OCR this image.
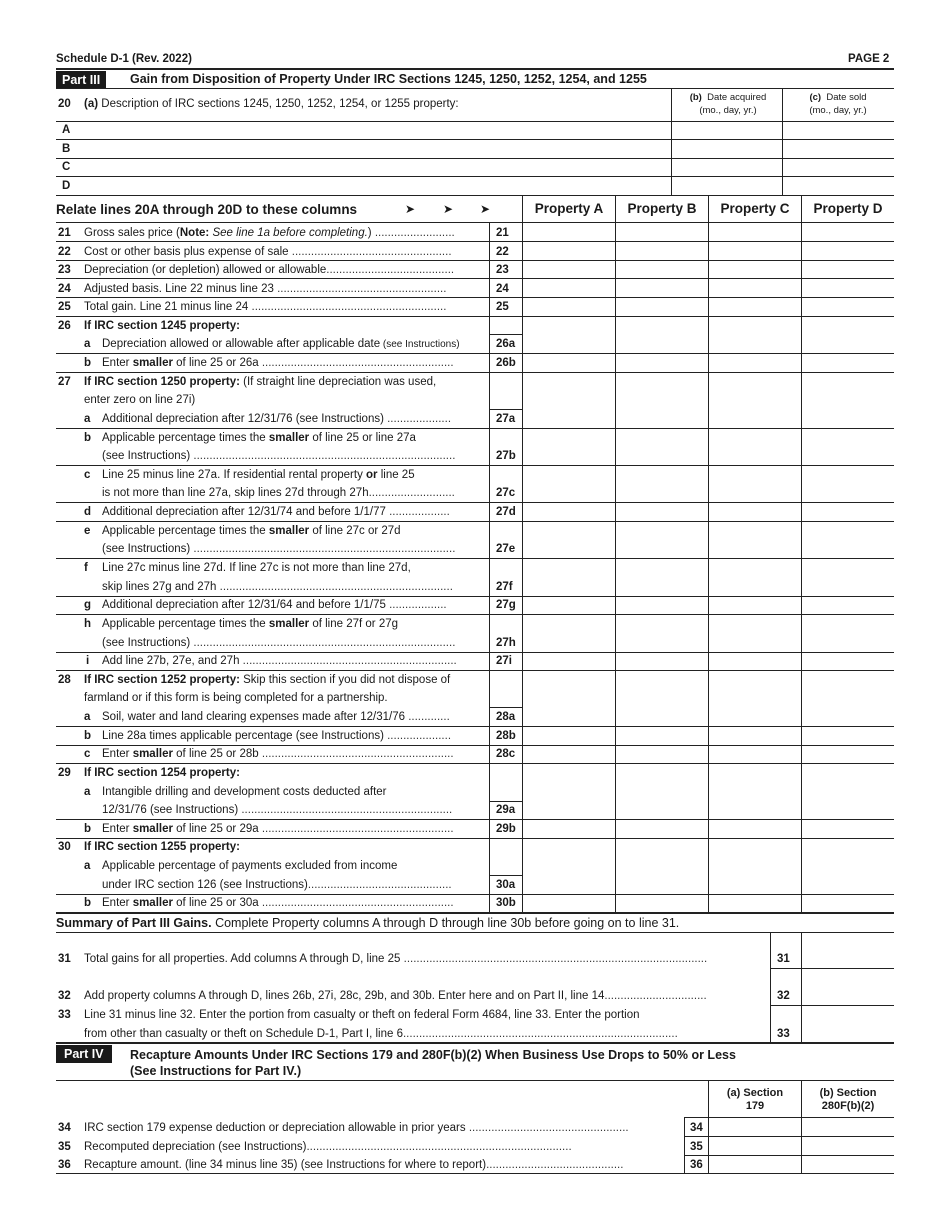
Schedule D-1 (Rev. 2022)	PAGE 2
Part III	Gain from Disposition of Property Under IRC Sections 1245, 1250, 1252, 1254, and 1255
20 (a) Description of IRC sections 1245, 1250, 1252, 1254, or 1255 property:
(b) Date acquired
(mo., day, yr.)
(c) Date sold
(mo., day, yr.)
A
B
C
D
Relate lines 20A through 20D to these columns	➤ ➤ ➤	Property A	Property B	Property C	Property D
21 Gross sales price (Note: See line 1a before completing.) .........................	21
22 Cost or other basis plus expense of sale ..................................................	22
23 Depreciation (or depletion) allowed or allowable........................................	23
24 Adjusted basis. Line 22 minus line 23 .....................................................	24
25 Total gain. Line 21 minus line 24 .............................................................	25
26 If IRC section 1245 property:
a Depreciation allowed or allowable after applicable date (see Instructions)	26a
b Enter smaller of line 25 or 26a ............................................................	26b
27 If IRC section 1250 property: (If straight line depreciation was used,
enter zero on line 27i)
a Additional depreciation after 12/31/76 (see Instructions) ....................	27a
b Applicable percentage times the smaller of line 25 or line 27a
(see Instructions) ..................................................................................	27b
c Line 25 minus line 27a. If residential rental property or line 25
is not more than line 27a, skip lines 27d through 27h...........................	27c
d Additional depreciation after 12/31/74 and before 1/1/77 ...................	27d
e Applicable percentage times the smaller of line 27c or 27d
(see Instructions) ..................................................................................	27e
f Line 27c minus line 27d. If line 27c is not more than line 27d,
skip lines 27g and 27h .........................................................................	27f
g Additional depreciation after 12/31/64 and before 1/1/75 ..................	27g
h Applicable percentage times the smaller of line 27f or 27g
(see Instructions) ..................................................................................	27h
i Add line 27b, 27e, and 27h ...................................................................	27i
28 If IRC section 1252 property: Skip this section if you did not dispose of
farmland or if this form is being completed for a partnership.
a Soil, water and land clearing expenses made after 12/31/76 .............	28a
b Line 28a times applicable percentage (see Instructions) ....................	28b
c Enter smaller of line 25 or 28b ............................................................	28c
29 If IRC section 1254 property:
a Intangible drilling and development costs deducted after
12/31/76 (see Instructions) ..................................................................	29a
b Enter smaller of line 25 or 29a ............................................................	29b
30 If IRC section 1255 property:
a Applicable percentage of payments excluded from income
under IRC section 126 (see Instructions).............................................	30a
b Enter smaller of line 25 or 30a ............................................................	30b
Summary of Part III Gains. Complete Property columns A through D through line 30b before going on to line 31.
31 Total gains for all properties. Add columns A through D, line 25 ...............................................................................................	31
32 Add property columns A through D, lines 26b, 27i, 28c, 29b, and 30b. Enter here and on Part II, line 14................................	32
33 Line 31 minus line 32. Enter the portion from casualty or theft on federal Form 4684, line 33. Enter the portion
from other than casualty or theft on Schedule D-1, Part I, line 6......................................................................................	33
Part IV	Recapture Amounts Under IRC Sections 179 and 280F(b)(2) When Business Use Drops to 50% or Less
(See Instructions for Part IV.)
(a) Section
179
(b) Section
280F(b)(2)
34 IRC section 179 expense deduction or depreciation allowable in prior years ..................................................	34
35 Recomputed depreciation (see Instructions)...................................................................................	35
36 Recapture amount. (line 34 minus line 35) (see Instructions for where to report)...........................................	36
